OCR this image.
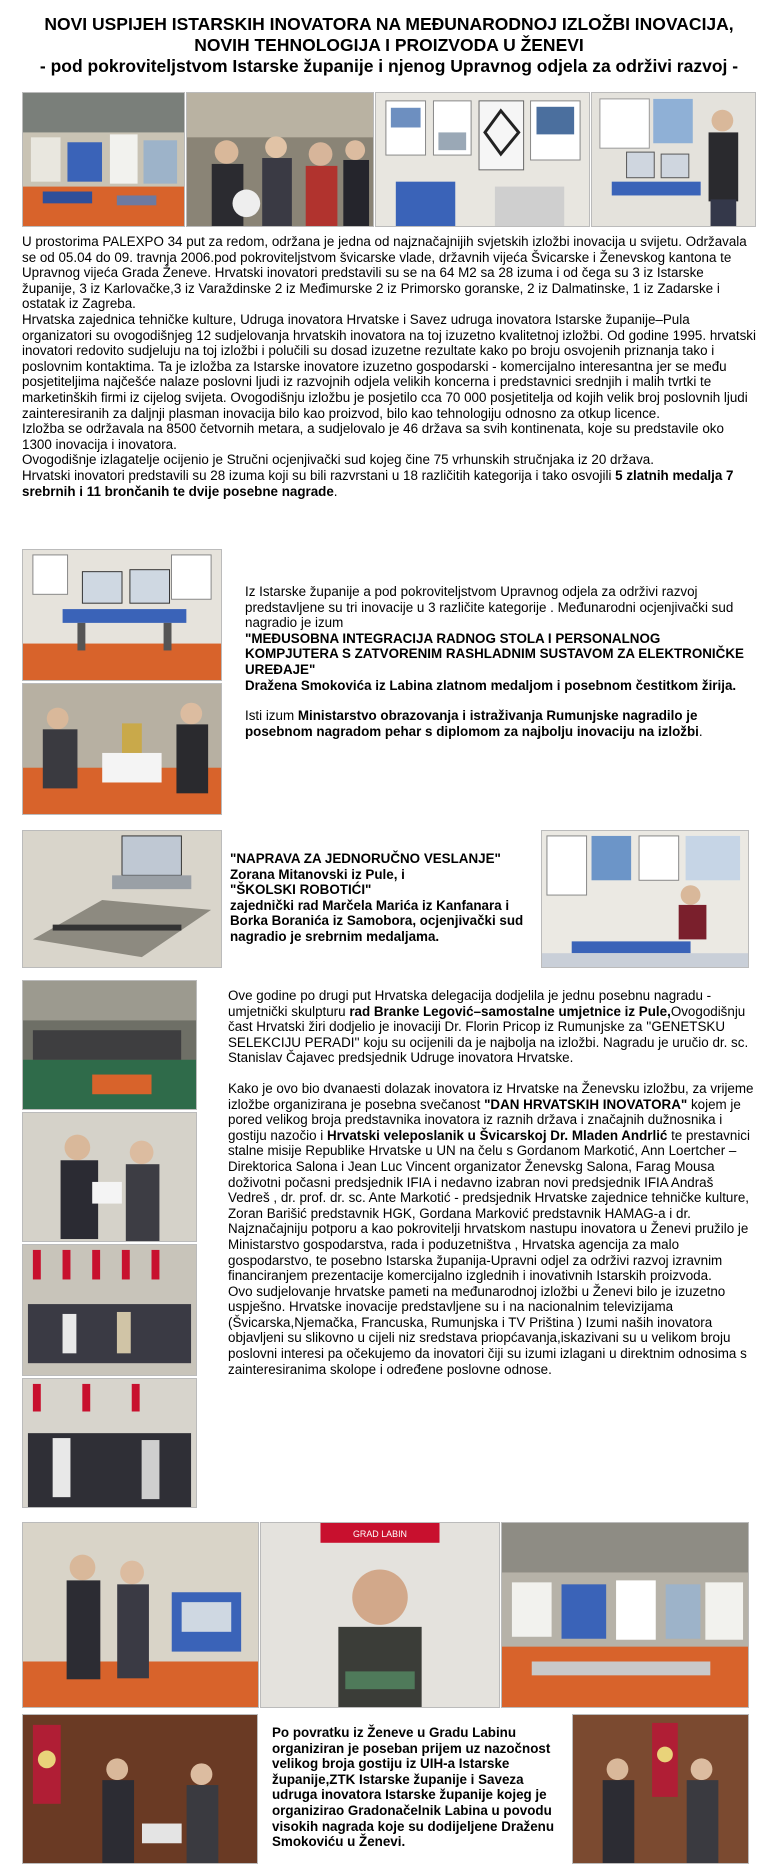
NOVI USPIJEH ISTARSKIH INOVATORA NA MEĐUNARODNOJ IZLOŽBI INOVACIJA,
NOVIH TEHNOLOGIJA I PROIZVODA U ŽENEVI
- pod pokroviteljstvom Istarske županije i njenog Upravnog odjela za održivi razvoj -

U prostorima PALEXPO 34 put za redom, održana je jedna od najznačajnijih svjetskih izložbi inovacija u svijetu. Održavala se od 05.04 do 09. travnja 2006.pod pokroviteljstvom švicarske vlade, državnih vijeća Švicarske i Ženevskog kantona te Upravnog vijeća Grada Ženeve. Hrvatski inovatori predstavili su se na 64 M2 sa 28 izuma i od čega su 3 iz Istarske županije, 3 iz Karlovačke,3 iz Varaždinske 2 iz Međimurske 2 iz Primorsko goranske, 2 iz Dalmatinske, 1 iz Zadarske i ostatak iz Zagreba.

Hrvatska zajednica tehničke kulture, Udruga inovatora Hrvatske i Savez udruga inovatora Istarske županije–Pula organizatori su ovogodišnjeg 12 sudjelovanja hrvatskih inovatora na toj izuzetno kvalitetnoj izložbi. Od godine 1995. hrvatski inovatori redovito sudjeluju na toj izložbi i polučili su dosad izuzetne rezultate kako po broju osvojenih priznanja tako i poslovnim kontaktima. Ta je izložba za Istarske inovatore izuzetno gospodarski - komercijalno interesantna jer se među posjetiteljima najčešće nalaze poslovni ljudi iz razvojnih odjela velikih koncerna i predstavnici srednjih i malih tvrtki te marketinških firmi iz cijelog svijeta. Ovogodišnju izložbu je posjetilo cca 70 000 posjetitelja od kojih velik broj poslovnih ljudi zainteresiranih za daljnji plasman inovacija bilo kao proizvod, bilo kao tehnologiju odnosno za otkup licence.

Izložba se održavala na 8500 četvornih metara, a sudjelovalo je 46 država sa svih kontinenata, koje su predstavile oko 1300 inovacija i inovatora.

Ovogodišnje izlagatelje ocijenio je Stručni ocjenjivački sud kojeg čine 75 vrhunskih stručnjaka iz 20 država.

Hrvatski inovatori predstavili su 28 izuma koji su bili razvrstani u 18 različitih kategorija i tako osvojili 5 zlatnih medalja 7 srebrnih i 11 brončanih te dvije posebne nagrade.

Iz Istarske županije a pod pokroviteljstvom Upravnog odjela za održivi razvoj predstavljene su tri inovacije u 3 različite kategorije . Međunarodni ocjenjivački sud nagradio je izum

"MEĐUSOBNA INTEGRACIJA RADNOG STOLA I PERSONALNOG KOMPJUTERA S ZATVORENIM RASHLADNIM SUSTAVOM ZA ELEKTRONIČKE UREĐAJE"

Dražena Smokovića iz Labina zlatnom medaljom i posebnom čestitkom žirija.

Isti izum Ministarstvo obrazovanja i istraživanja Rumunjske nagradilo je posebnom nagradom pehar s diplomom za najbolju inovaciju na izložbi.

"NAPRAVA ZA JEDNORUČNO VESLANJE"

Zorana Mitanovski iz Pule, i

"ŠKOLSKI ROBOTIĆI"

zajednički rad Marčela Marića iz Kanfanara i Borka Boranića iz Samobora, ocjenjivački sud nagradio je srebrnim medaljama.

Ove godine po drugi put Hrvatska delegacija dodjelila je jednu posebnu nagradu -umjetnički skulpturu rad Branke Legović–samostalne umjetnice iz Pule,Ovogodišnju čast Hrvatski žiri dodjelio je inovaciji Dr. Florin Pricop iz Rumunjske za ''GENETSKU SELEKCIJU PERADI'' koju su ocijenili da je najbolja na izložbi. Nagradu je uručio dr. sc. Stanislav Čajavec predsjednik Udruge inovatora Hrvatske.

Kako je ovo bio dvanaesti dolazak inovatora iz Hrvatske na Ženevsku izložbu, za vrijeme izložbe organizirana je posebna svečanost "DAN HRVATSKIH INOVATORA" kojem je pored velikog broja predstavnika inovatora iz raznih država i značajnih dužnosnika i gostiju nazočio i Hrvatski veleposlanik u Švicarskoj Dr. Mladen Andrlić te prestavnici stalne misije Republike Hrvatske u UN na čelu s Gordanom Markotić, Ann Loertcher – Direktorica Salona i Jean Luc Vincent organizator Ženevskg Salona, Farag Mousa doživotni počasni predsjednik IFIA i nedavno izabran novi predsjednik IFIA Andraš Vedreš , dr. prof. dr. sc. Ante Markotić - predsjednik Hrvatske zajednice tehničke kulture, Zoran Barišić predstavnik HGK, Gordana Marković predstavnik HAMAG-a i dr.

Najznačajniju potporu a kao pokrovitelji hrvatskom nastupu inovatora u Ženevi pružilo je Ministarstvo gospodarstva, rada i poduzetništva , Hrvatska agencija za malo gospodarstvo, te posebno Istarska županija-Upravni odjel za održivi razvoj izravnim financiranjem prezentacije komercijalno izglednih i inovativnih Istarskih proizvoda.

Ovo sudjelovanje hrvatske pameti na međunarodnoj izložbi u Ženevi bilo je izuzetno uspješno. Hrvatske inovacije predstavljene su i na nacionalnim televizijama (Švicarska,Njemačka, Francuska, Rumunjska i TV Priština ) Izumi naših inovatora objavljeni su slikovno u cijeli niz sredstava priopćavanja,iskazivani su u velikom broju poslovni interesi pa očekujemo da inovatori čiji su izumi izlagani u direktnim odnosima s zainteresiranima skolope i određene poslovne odnose.

GRAD LABIN

Po povratku iz Ženeve u Gradu Labinu organiziran je poseban prijem uz nazočnost velikog broja gostiju iz UIH-a Istarske županije,ZTK Istarske županije i Saveza udruga inovatora Istarske županije kojeg je organizirao Gradonačelnik Labina u povodu visokih nagrada koje su dodijeljene Draženu Smokoviću u Ženevi.
